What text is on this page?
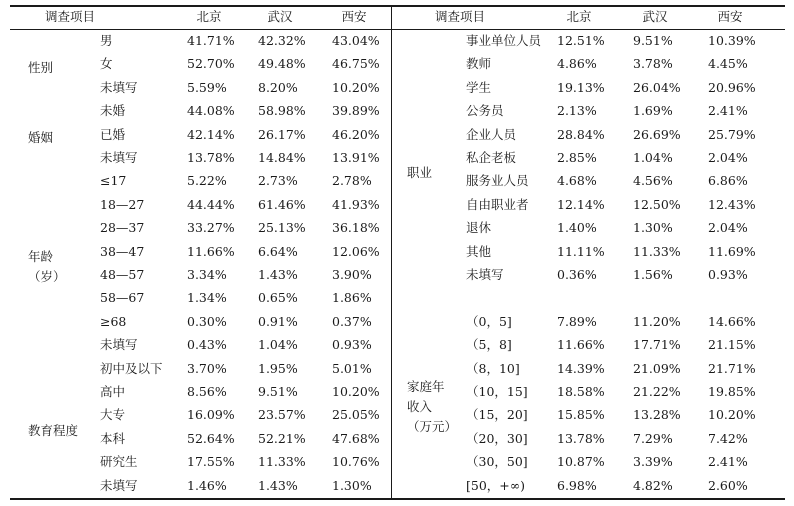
调查项目	北京	武汉	西安
性别
男	41.71% 42.32% 43.04%
女	52.70% 49.48% 46.75%
未填写	5.59%	8.20%	10.20%
婚姻
未婚	44.08% 58.98% 39.89%
已婚	42.14% 26.17% 46.20%
未填写	13.78% 14.84% 13.91%
年龄
（岁）
≤17	5.22%	2.73%	2.78%
18—27	44.44% 61.46% 41.93%
28—37	33.27% 25.13% 36.18%
38—47	11.66% 6.64%	12.06%
48—57	3.34%	1.43%	3.90%
58—67	1.34%	0.65%	1.86%
≥68	0.30%	0.91%	0.37%
未填写	0.43%	1.04%	0.93%
教育程度
初中及以下 3.70%	1.95%	5.01%
高中	8.56%	9.51%	10.20%
大专	16.09% 23.57% 25.05%
本科	52.64% 52.21% 47.68%
研究生	17.55% 11.33% 10.76%
未填写	1.46%	1.43%	1.30%
调查项目	北京	武汉	西安
职业
事业单位人员 12.51% 9.51%	10.39%
教师	4.86%	3.78%	4.45%
学生	19.13% 26.04% 20.96%
公务员	2.13%	1.69%	2.41%
企业人员	28.84% 26.69% 25.79%
私企老板	2.85%	1.04%	2.04%
服务业人员 4.68%	4.56%	6.86%
自由职业者 12.14% 12.50% 12.43%
退休	1.40%	1.30%	2.04%
其他	11.11% 11.33% 11.69%
未填写	0.36%	1.56%	0.93%
家庭年
收入
（万元）
（0，5]	7.89%	11.20% 14.66%
（5，8]	11.66% 17.71% 21.15%
（8，10]	14.39% 21.09% 21.71%
（10，15] 18.58% 21.22% 19.85%
（15，20] 15.85% 13.28% 10.20%
（20，30] 13.78% 7.29%	7.42%
（30，50] 10.87% 3.39%	2.41%
[50，+∞)	6.98%	4.82%	2.60%
